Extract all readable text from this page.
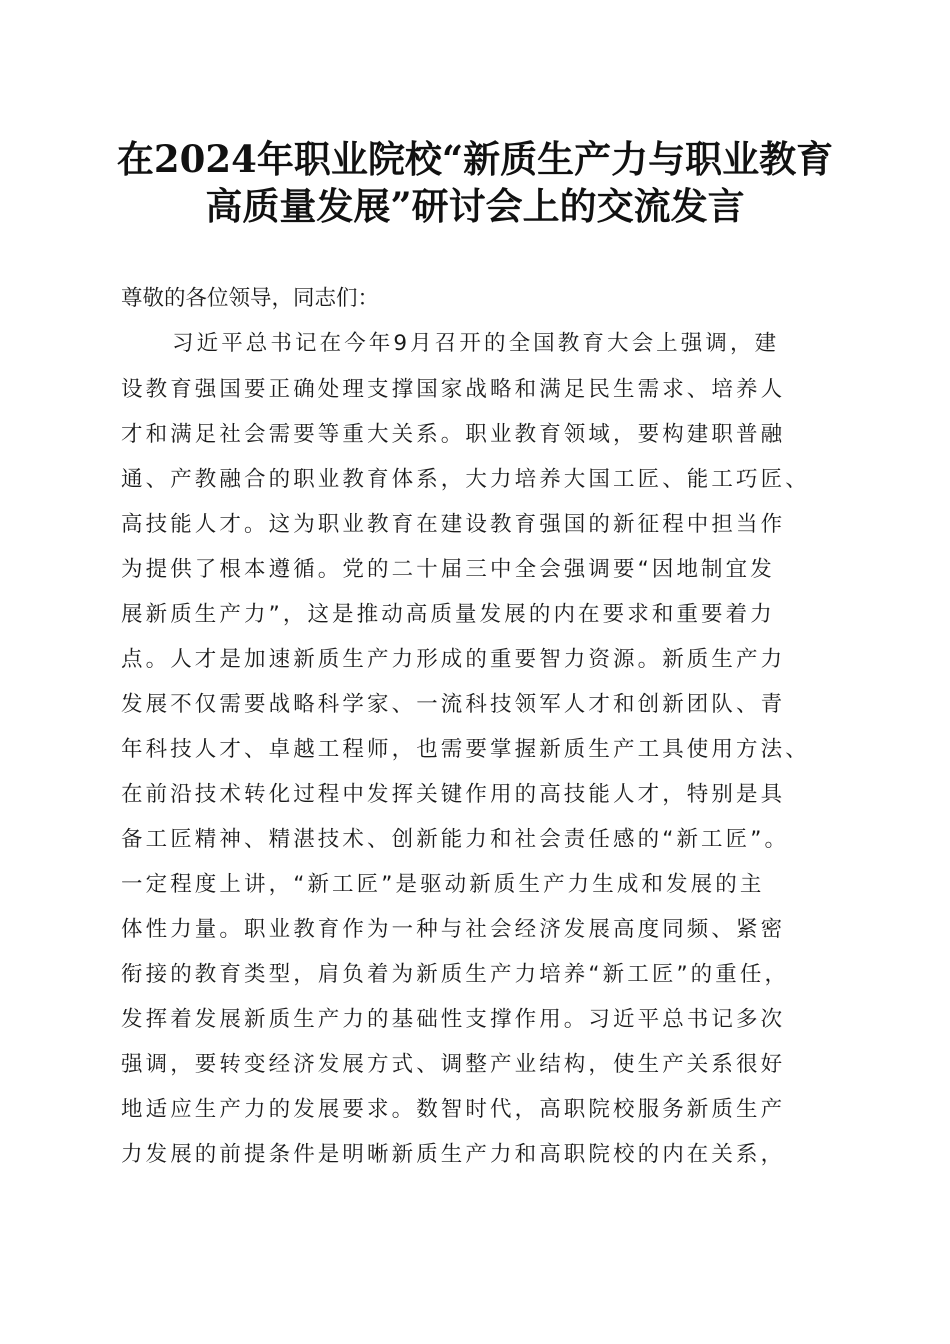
在2024年职业院校“新质生产力与职业教育
高质量发展”研讨会上的交流发言
尊敬的各位领导，同志们：
习近平总书记在今年9月召开的全国教育大会上强调，建
设教育强国要正确处理支撑国家战略和满足民生需求、培养人
才和满足社会需要等重大关系。职业教育领域，要构建职普融
通、产教融合的职业教育体系，大力培养大国工匠、能工巧匠、
高技能人才。这为职业教育在建设教育强国的新征程中担当作
为提供了根本遵循。党的二十届三中全会强调要“因地制宜发
展新质生产力”，这是推动高质量发展的内在要求和重要着力
点。人才是加速新质生产力形成的重要智力资源。新质生产力
发展不仅需要战略科学家、一流科技领军人才和创新团队、青
年科技人才、卓越工程师，也需要掌握新质生产工具使用方法、
在前沿技术转化过程中发挥关键作用的高技能人才，特别是具
备工匠精神、精湛技术、创新能力和社会责任感的“新工匠”。
一定程度上讲，“新工匠”是驱动新质生产力生成和发展的主
体性力量。职业教育作为一种与社会经济发展高度同频、紧密
衔接的教育类型，肩负着为新质生产力培养“新工匠”的重任，
发挥着发展新质生产力的基础性支撑作用。习近平总书记多次
强调，要转变经济发展方式、调整产业结构，使生产关系很好
地适应生产力的发展要求。数智时代，高职院校服务新质生产
力发展的前提条件是明晰新质生产力和高职院校的内在关系，
